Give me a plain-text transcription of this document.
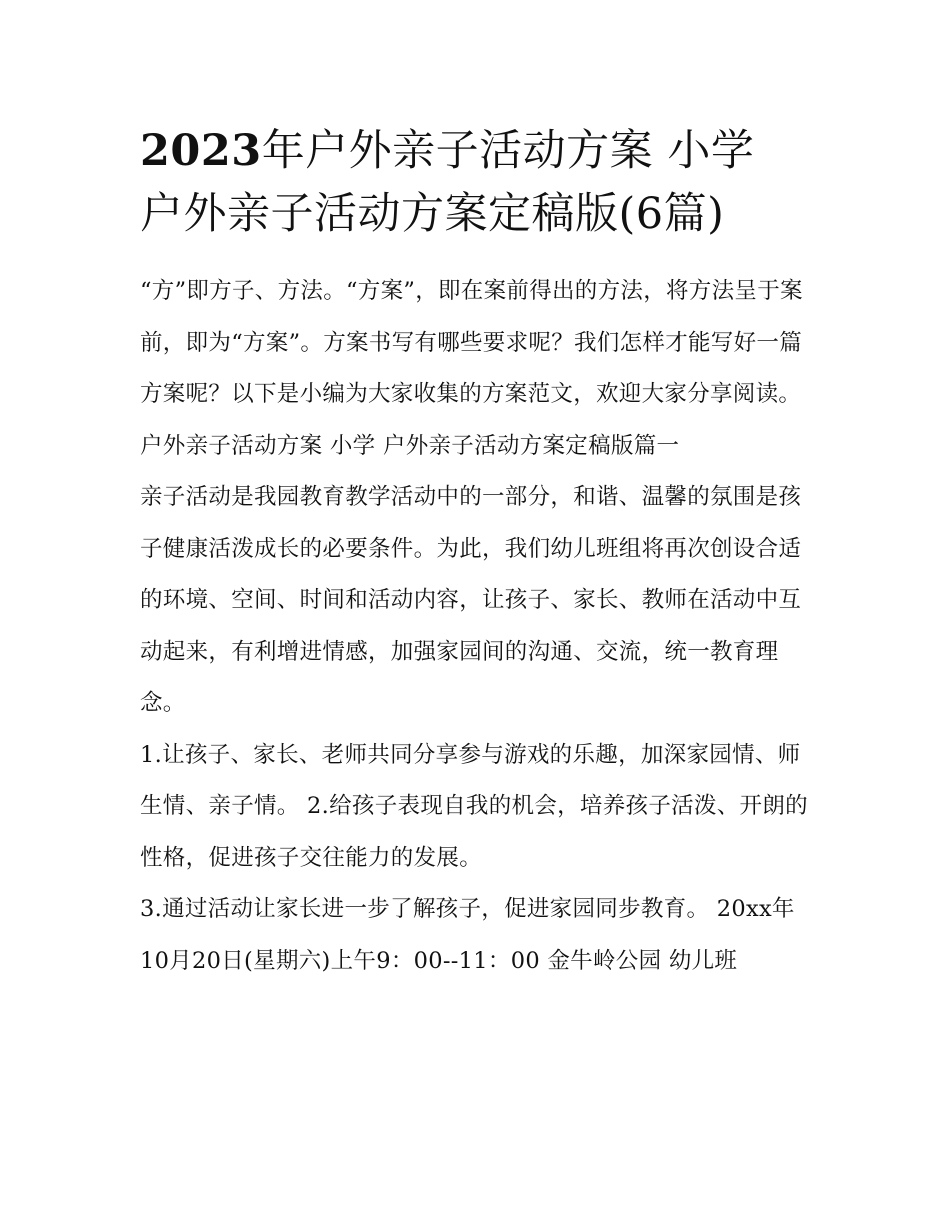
2023年户外亲子活动方案 小学 户外亲子活动方案定稿版(6篇)

“方”即方子、方法。“方案”，即在案前得出的方法，将方法呈于案前，即为“方案”。方案书写有哪些要求呢？我们怎样才能写好一篇方案呢？以下是小编为大家收集的方案范文，欢迎大家分享阅读。

户外亲子活动方案 小学 户外亲子活动方案定稿版篇一

亲子活动是我园教育教学活动中的一部分，和谐、温馨的氛围是孩子健康活泼成长的必要条件。为此，我们幼儿班组将再次创设合适的环境、空间、时间和活动内容，让孩子、家长、教师在活动中互动起来，有利增进情感，加强家园间的沟通、交流，统一教育理念。

1.让孩子、家长、老师共同分享参与游戏的乐趣，加深家园情、师生情、亲子情。 2.给孩子表现自我的机会，培养孩子活泼、开朗的性格，促进孩子交往能力的发展。

3.通过活动让家长进一步了解孩子，促进家园同步教育。 20xx年10月20日(星期六)上午9：00--11：00 金牛岭公园 幼儿班
